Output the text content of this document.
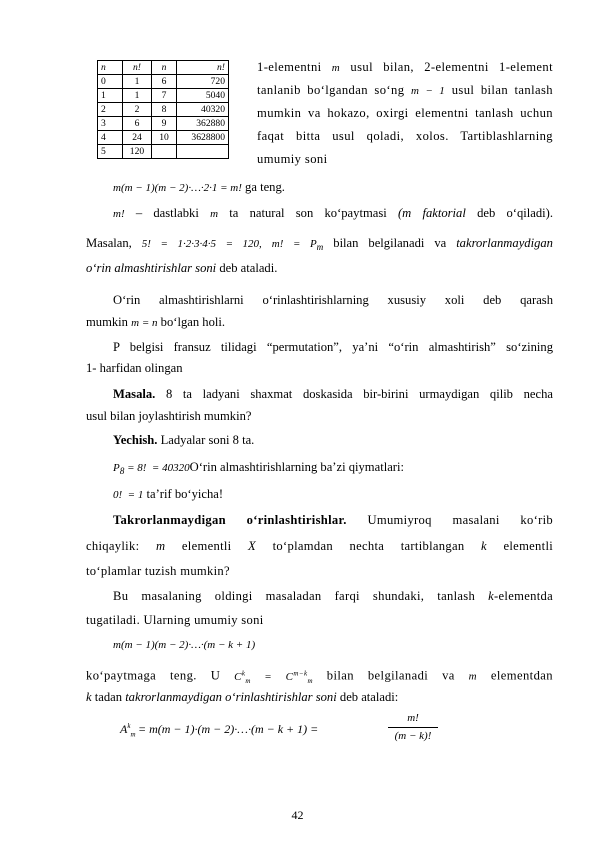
n	n!	n	n!
0	1	6	720
1	1	7	5040
2	2	8	40320
3	6	9	362880
4	24	10	3628800
5	120		
1-elementni m usul bilan, 2-elementni 1-element
tanlanib bo‘lgandan so‘ng m − 1 usul bilan tanlash
mumkin va hokazo, oxirgi elementni tanlash uchun
faqat bitta usul qoladi, xolos. Tartiblashlarning
umumiy soni
m(m − 1)(m − 2)·…·2·1 = m! ga teng.
m! – dastlabki m ta natural son ko‘paytmasi (m faktorial deb o‘qiladi).
Masalan, 5! = 1·2·3·4·5 = 120, m! = $P_m$ bilan belgilanadi va takrorlanmaydigan
o‘rin almashtirishlar soni deb ataladi.
O‘rin almashtirishlarni o‘rinlashtirishlarning xususiy xoli deb qarash
mumkin m = n bo‘lgan holi.
P belgisi fransuz tilidagi “permutation”, ya’ni “o‘rin almashtirish” so‘zining
1- harfidan olingan
Masala. 8 ta ladyani shaxmat doskasida bir-birini urmaydigan qilib necha
usul bilan joylashtirish mumkin?
Yechish. Ladyalar soni 8 ta.
$P_8 = 8$! = 40320O‘rin almashtirishlarning ba’zi qiymatlari:
0! = 1 ta’rif bo‘yicha!
Takrorlanmaydigan o‘rinlashtirishlar. Umumiyroq masalani ko‘rib
chiqaylik: m elementli X to‘plamdan nechta tartiblangan k elementli
to‘plamlar tuzish mumkin?
Bu masalaning oldingi masaladan farqi shundaki, tanlash k-elementda
tugatiladi. Ularning umumiy soni
m(m − 1)(m − 2)·…·(m − k + 1)
ko‘paytmaga teng. U $C^k_m = C^{m-k}_m$ bilan belgilanadi va m elementdan
k tadan takrorlanmaydigan o‘rinlashtirishlar soni deb ataladi:
$A^k_m = m(m - 1)\cdot(m$ − 2)·…·(m − k + 1) =
m!
(m − k)!
42
